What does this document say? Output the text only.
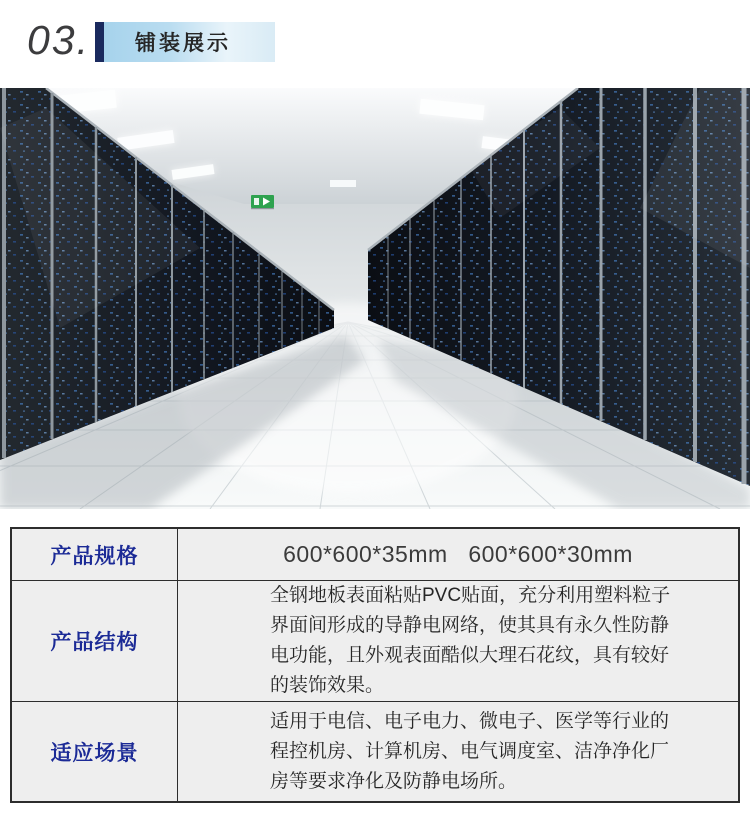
03. 铺装展示
产品规格	600*600*35mm   600*600*30mm
产品结构
全钢地板表面粘贴PVC贴面，充分利用塑料粒子界面间形成的导静电网络，使其具有永久性防静电功能，且外观表面酷似大理石花纹，具有较好的装饰效果。
适应场景
适用于电信、电子电力、微电子、医学等行业的程控机房、计算机房、电气调度室、洁净净化厂房等要求净化及防静电场所。
